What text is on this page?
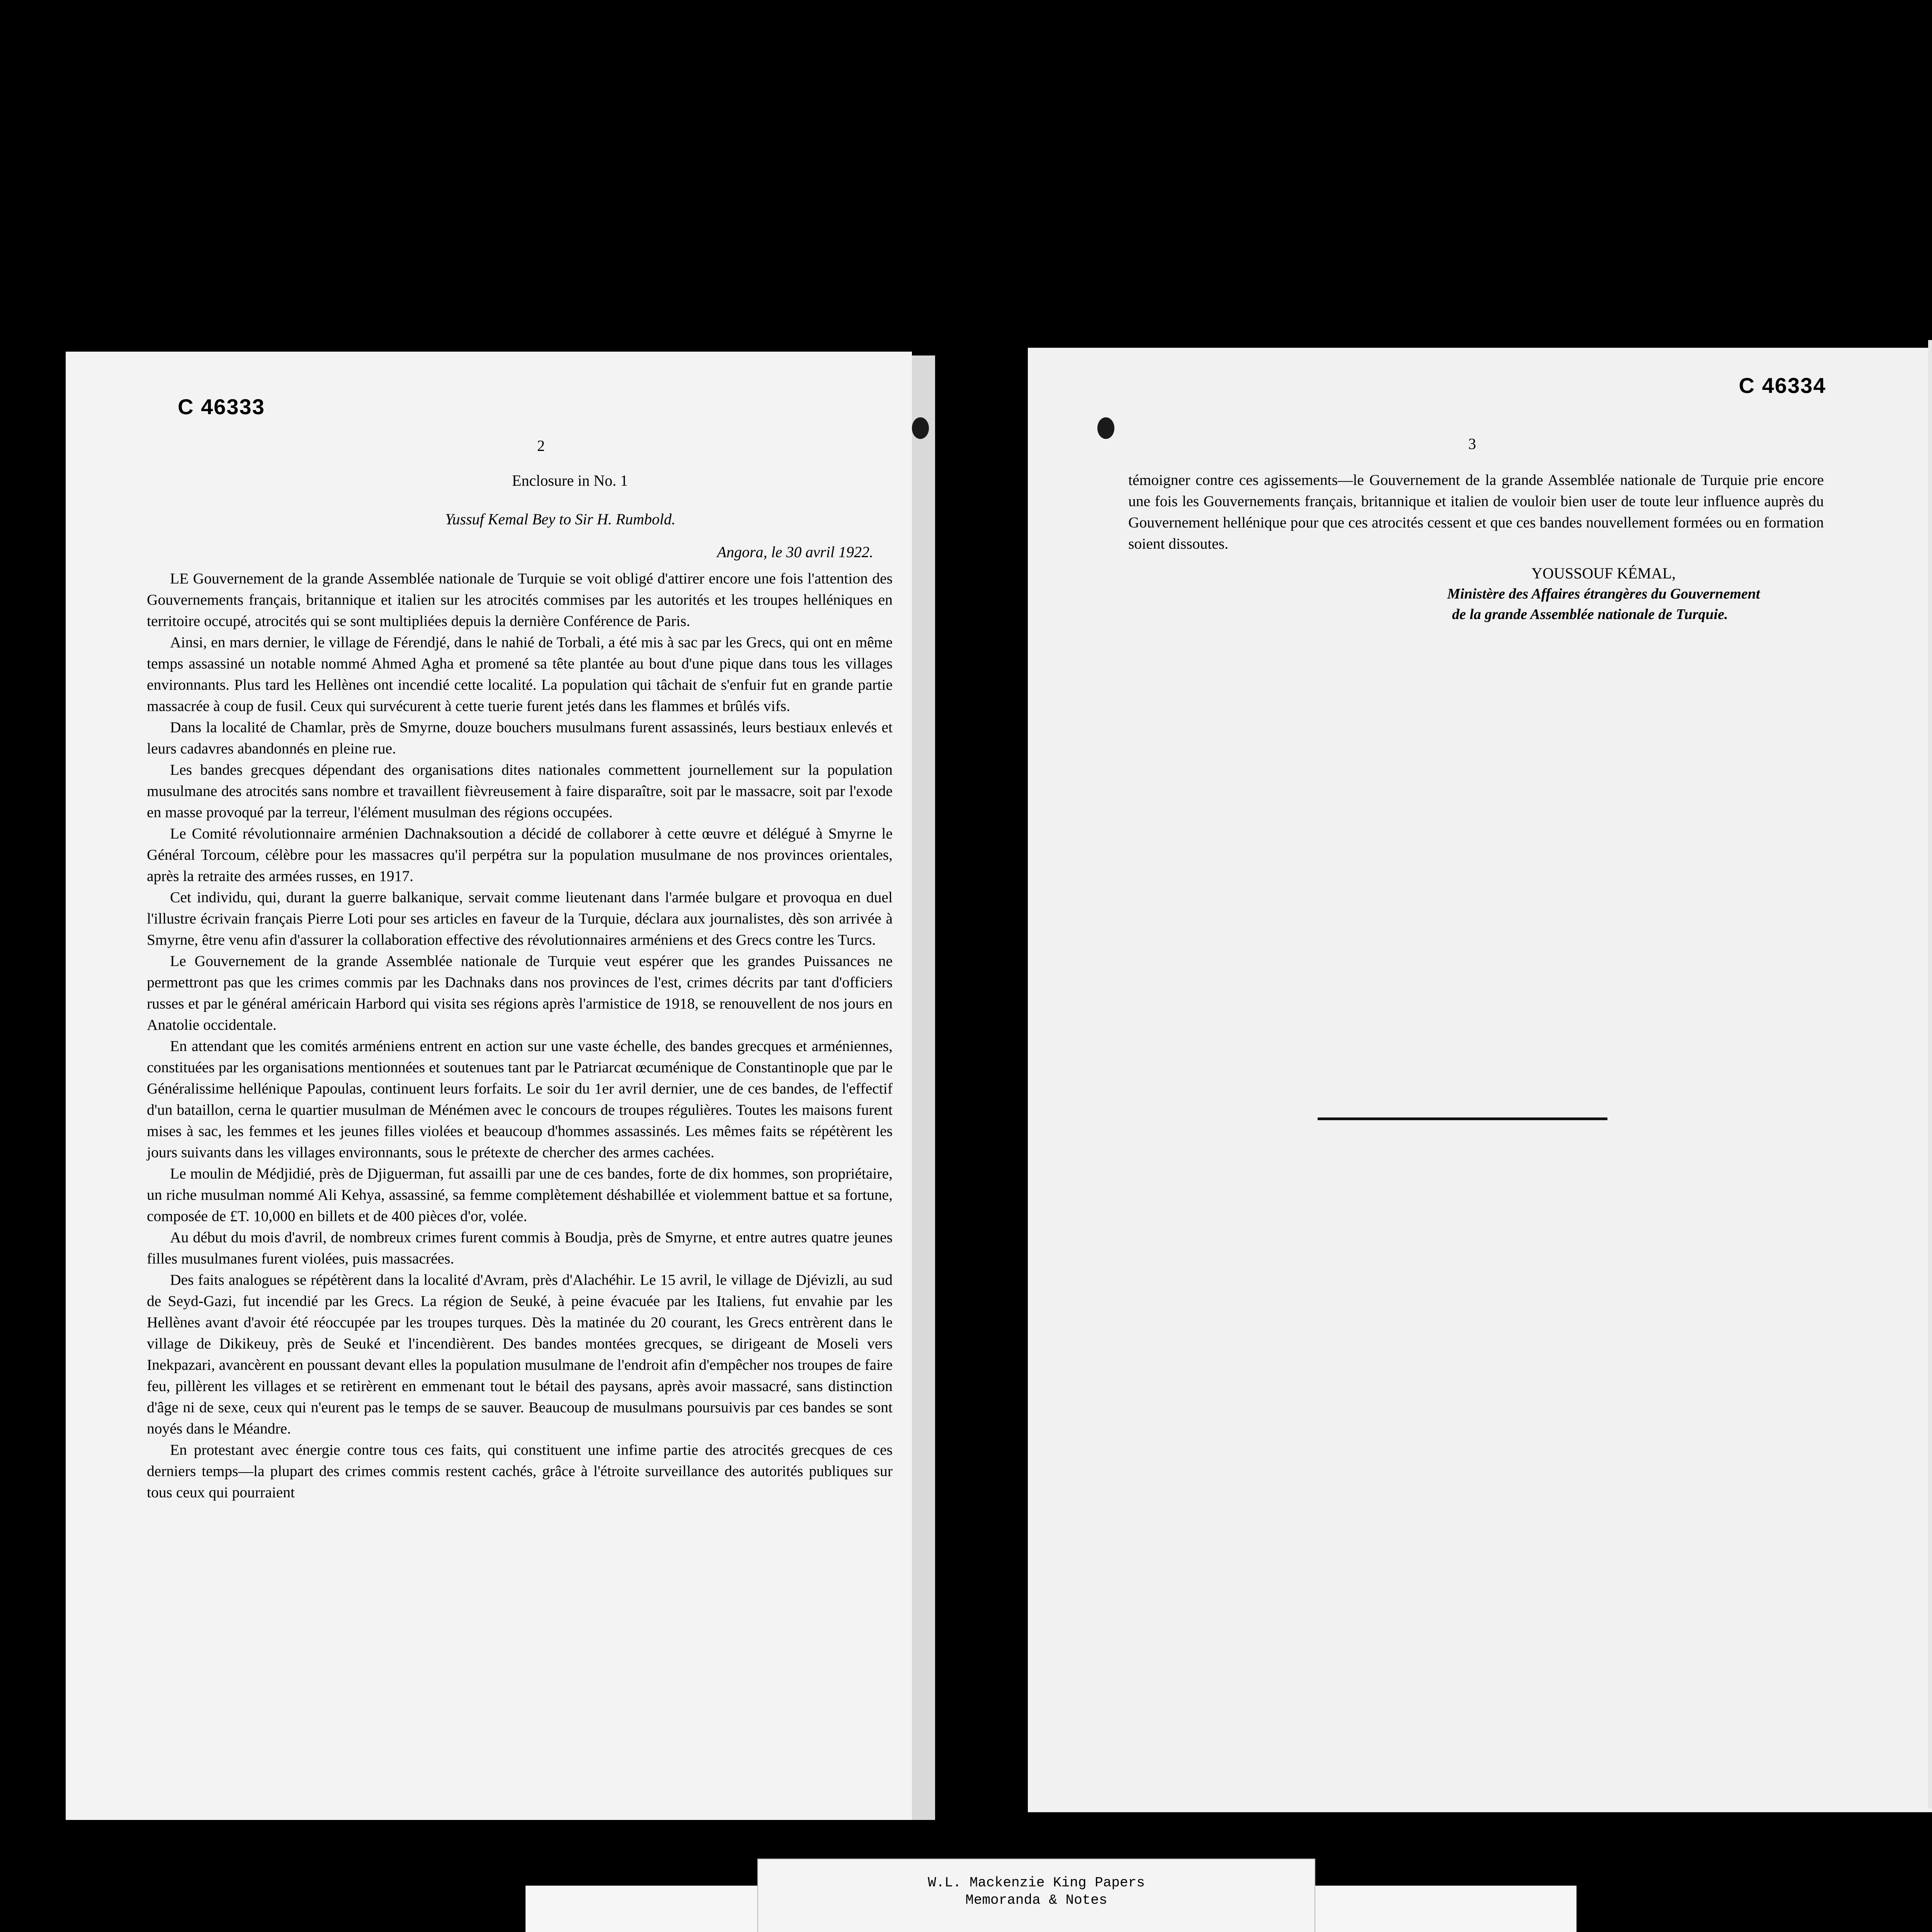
C 46333
2
Enclosure in No. 1
Yussuf Kemal Bey to Sir H. Rumbold.
Angora, le 30 avril 1922.

LE Gouvernement de la grande Assemblée nationale de Turquie se voit obligé d'attirer encore une fois l'attention des Gouvernements français, britannique et italien sur les atrocités commises par les autorités et les troupes helléniques en territoire occupé, atrocités qui se sont multipliées depuis la dernière Conférence de Paris.

Ainsi, en mars dernier, le village de Férendjé, dans le nahié de Torbali, a été mis à sac par les Grecs, qui ont en même temps assassiné un notable nommé Ahmed Agha et promené sa tête plantée au bout d'une pique dans tous les villages environnants. Plus tard les Hellènes ont incendié cette localité. La population qui tâchait de s'enfuir fut en grande partie massacrée à coup de fusil. Ceux qui survécurent à cette tuerie furent jetés dans les flammes et brûlés vifs.

Dans la localité de Chamlar, près de Smyrne, douze bouchers musulmans furent assassinés, leurs bestiaux enlevés et leurs cadavres abandonnés en pleine rue.

Les bandes grecques dépendant des organisations dites nationales commettent journellement sur la population musulmane des atrocités sans nombre et travaillent fièvreusement à faire disparaître, soit par le massacre, soit par l'exode en masse provoqué par la terreur, l'élément musulman des régions occupées.

Le Comité révolutionnaire arménien Dachnaksoution a décidé de collaborer à cette œuvre et délégué à Smyrne le Général Torcoum, célèbre pour les massacres qu'il perpétra sur la population musulmane de nos provinces orientales, après la retraite des armées russes, en 1917.

Cet individu, qui, durant la guerre balkanique, servait comme lieutenant dans l'armée bulgare et provoqua en duel l'illustre écrivain français Pierre Loti pour ses articles en faveur de la Turquie, déclara aux journalistes, dès son arrivée à Smyrne, être venu afin d'assurer la collaboration effective des révolutionnaires arméniens et des Grecs contre les Turcs.

Le Gouvernement de la grande Assemblée nationale de Turquie veut espérer que les grandes Puissances ne permettront pas que les crimes commis par les Dachnaks dans nos provinces de l'est, crimes décrits par tant d'officiers russes et par le général américain Harbord qui visita ses régions après l'armistice de 1918, se renouvellent de nos jours en Anatolie occidentale.

En attendant que les comités arméniens entrent en action sur une vaste échelle, des bandes grecques et arméniennes, constituées par les organisations mentionnées et soutenues tant par le Patriarcat œcuménique de Constantinople que par le Généralissime hellénique Papoulas, continuent leurs forfaits. Le soir du 1er avril dernier, une de ces bandes, de l'effectif d'un bataillon, cerna le quartier musulman de Ménémen avec le concours de troupes régulières. Toutes les maisons furent mises à sac, les femmes et les jeunes filles violées et beaucoup d'hommes assassinés. Les mêmes faits se répétèrent les jours suivants dans les villages environnants, sous le prétexte de chercher des armes cachées.

Le moulin de Médjidié, près de Djiguerman, fut assailli par une de ces bandes, forte de dix hommes, son propriétaire, un riche musulman nommé Ali Kehya, assassiné, sa femme complètement déshabillée et violemment battue et sa fortune, composée de £T. 10,000 en billets et de 400 pièces d'or, volée.

Au début du mois d'avril, de nombreux crimes furent commis à Boudja, près de Smyrne, et entre autres quatre jeunes filles musulmanes furent violées, puis massacrées.

Des faits analogues se répétèrent dans la localité d'Avram, près d'Alachéhir. Le 15 avril, le village de Djévizli, au sud de Seyd-Gazi, fut incendié par les Grecs. La région de Seuké, à peine évacuée par les Italiens, fut envahie par les Hellènes avant d'avoir été réoccupée par les troupes turques. Dès la matinée du 20 courant, les Grecs entrèrent dans le village de Dikikeuy, près de Seuké et l'incendièrent. Des bandes montées grecques, se dirigeant de Moseli vers Inekpazari, avancèrent en poussant devant elles la population musulmane de l'endroit afin d'empêcher nos troupes de faire feu, pillèrent les villages et se retirèrent en emmenant tout le bétail des paysans, après avoir massacré, sans distinction d'âge ni de sexe, ceux qui n'eurent pas le temps de se sauver. Beaucoup de musulmans poursuivis par ces bandes se sont noyés dans le Méandre.

En protestant avec énergie contre tous ces faits, qui constituent une infime partie des atrocités grecques de ces derniers temps—la plupart des crimes commis restent cachés, grâce à l'étroite surveillance des autorités publiques sur tous ceux qui pourraient

C 46334
3

témoigner contre ces agissements—le Gouvernement de la grande Assemblée nationale de Turquie prie encore une fois les Gouvernements français, britannique et italien de vouloir bien user de toute leur influence auprès du Gouvernement hellénique pour que ces atrocités cessent et que ces bandes nouvellement formées ou en formation soient dissoutes.

YOUSSOUF KÉMAL,
Ministère des Affaires étrangères du Gouvernement
de la grande Assemblée nationale de Turquie.
W.L. Mackenzie King Papers
Memoranda & Notes
